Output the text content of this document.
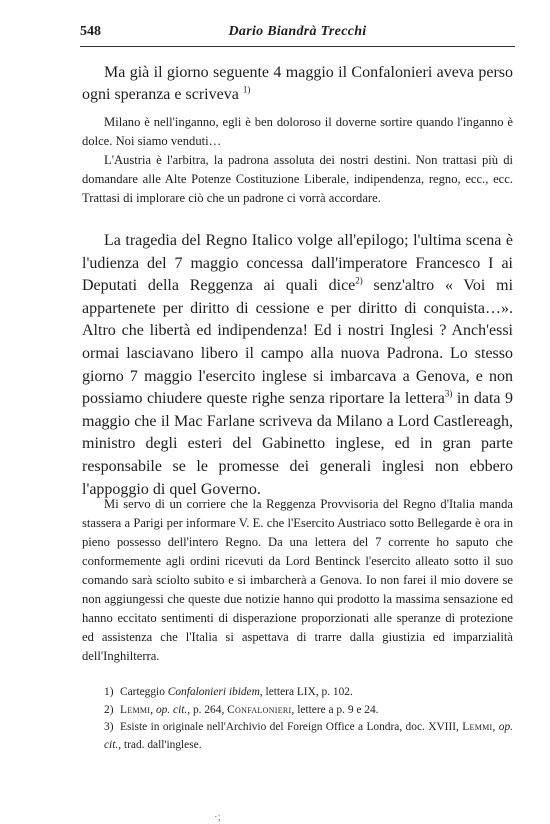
548	Dario Biandrà Trecchi

Ma già il giorno seguente 4 maggio il Confalonieri aveva perso ogni speranza e scriveva $^{1)}$

Milano è nell'inganno, egli è ben doloroso il doverne sortire quando l'inganno è dolce. Noi siamo venduti…

L'Austria è l'arbitra, la padrona assoluta dei nostri destini. Non trattasi più di domandare alle Alte Potenze Costituzione Liberale, indipendenza, regno, ecc., ecc. Trattasi di implorare ciò che un padrone ci vorrà accordare.

La tragedia del Regno Italico volge all'epilogo; l'ultima scena è l'udienza del 7 maggio concessa dall'imperatore Francesco I ai Deputati della Reggenza ai quali dice$^{2)}$ senz'altro « Voi mi appartenete per diritto di cessione e per diritto di conquista…». Altro che libertà ed indipendenza! Ed i nostri Inglesi ? Anch'essi ormai lasciavano libero il campo alla nuova Padrona. Lo stesso giorno 7 maggio l'esercito inglese si imbarcava a Genova, e non possiamo chiudere queste righe senza riportare la lettera$^{3)}$ in data 9 maggio che il Mac Farlane scriveva da Milano a Lord Castlereagh, ministro degli esteri del Gabinetto inglese, ed in gran parte responsabile se le promesse dei generali inglesi non ebbero l'appoggio di quel Governo.

Mi servo di un corriere che la Reggenza Provvisoria del Regno d'Italia manda stassera a Parigi per informare V. E. che l'Esercito Austriaco sotto Bellegarde è ora in pieno possesso dell'intero Regno. Da una lettera del 7 corrente ho saputo che conformemente agli ordini ricevuti da Lord Bentinck l'esercito alleato sotto il suo comando sarà sciolto subito e si imbarcherà a Genova. Io non farei il mio dovere se non aggiungessi che queste due notizie hanno qui prodotto la massima sensazione ed hanno eccitato sentimenti di disperazione proporzionati alle speranze di protezione ed assistenza che l'Italia si aspettava di trarre dalla giustizia ed imparzialità dell'Inghilterra.

1) Carteggio Confalonieri ibidem, lettera LIX, p. 102.
2) Lemmi, op. cit., p. 264, Confalonieri, lettere a p. 9 e 24.
3) Esiste in originale nell'Archivio del Foreign Office a Londra, doc. XVIII, Lemmi, op. cit., trad. dall'inglese.
·;
